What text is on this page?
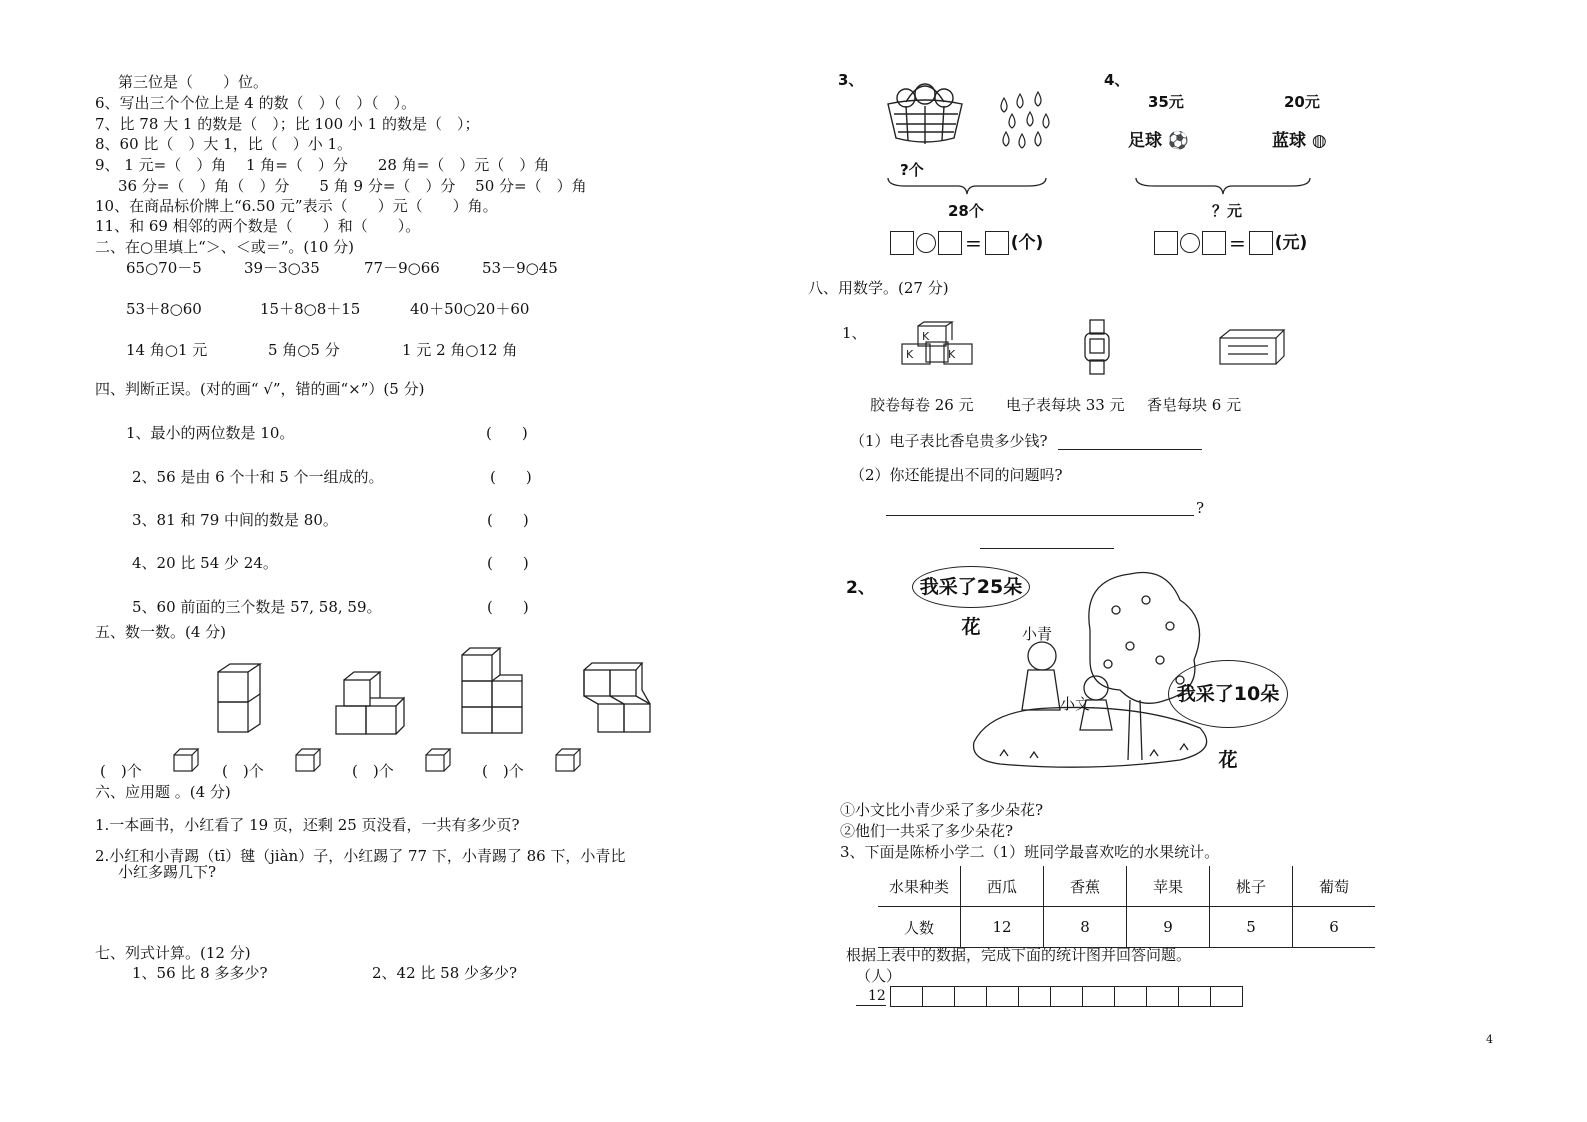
第三位是（　　）位。
6、写出三个个位上是 4 的数（　）（　）（　）。
7、比 78 大 1 的数是（　）；比 100 小 1 的数是（　）；
8、60 比（　）大 1，比（　）小 1。
9、 1 元=（　）角　 1 角=（　）分　　28 角=（　）元（　）角
36 分=（　）角（　）分　　5 角 9 分=（　）分　 50 分=（　）角
10、在商品标价牌上“6.50 元”表示（　　）元（　　）角。
11、和 69 相邻的两个数是（　　）和（　　）。
二、在○里填上“＞、＜或＝”。(10 分)
65○70－5	39－3○35	77－9○66	53－9○45
53＋8○60	15＋8○8＋15	40＋50○20＋60
14 角○1 元	5 角○5 分	1 元 2 角○12 角
四、判断正误。(对的画“ √”，错的画“×”）(5 分)
1、最小的两位数是 10。	(　　)
2、56 是由 6 个十和 5 个一组成的。	(　　)
3、81 和 79 中间的数是 80。	(　　)
4、20 比 54 少 24。	(　　)
5、60 前面的三个数是 57, 58, 59。	(　　)
五、数一数。(4 分)
(　)个	(　)个	(　)个	(　)个
六、应用题 。(4 分)
1.一本画书，小红看了 19 页，还剩 25 页没看，一共有多少页?
2.小红和小青踢（tī）毽（jiàn）子，小红踢了 77 下，小青踢了 86 下，小青比
小红多踢几下?
七、列式计算。(12 分)
1、56 比 8 多多少?	2、42 比 58 少多少?
3、
?个
28个
= (个)
4、
35元	20元
足球 ⚽	蓝球 ◍
？元
= (元)
八、用数学。(27 分)
1、	K
K	K
胶卷每卷 26 元 电子表每块 33 元 香皂每块 6 元
（1）电子表比香皂贵多少钱?
（2）你还能提出不同的问题吗?
?
2、	我采了25朵花
我采了10朵花
小青
小文
①小文比小青少采了多少朵花?
②他们一共采了多少朵花?
3、下面是陈桥小学二（1）班同学最喜欢吃的水果统计。
水果种类	西瓜	香蕉	苹果	桃子	葡萄
人数	12	8	9	5	6
根据上表中的数据，完成下面的统计图并回答问题。
（人）
12
4
